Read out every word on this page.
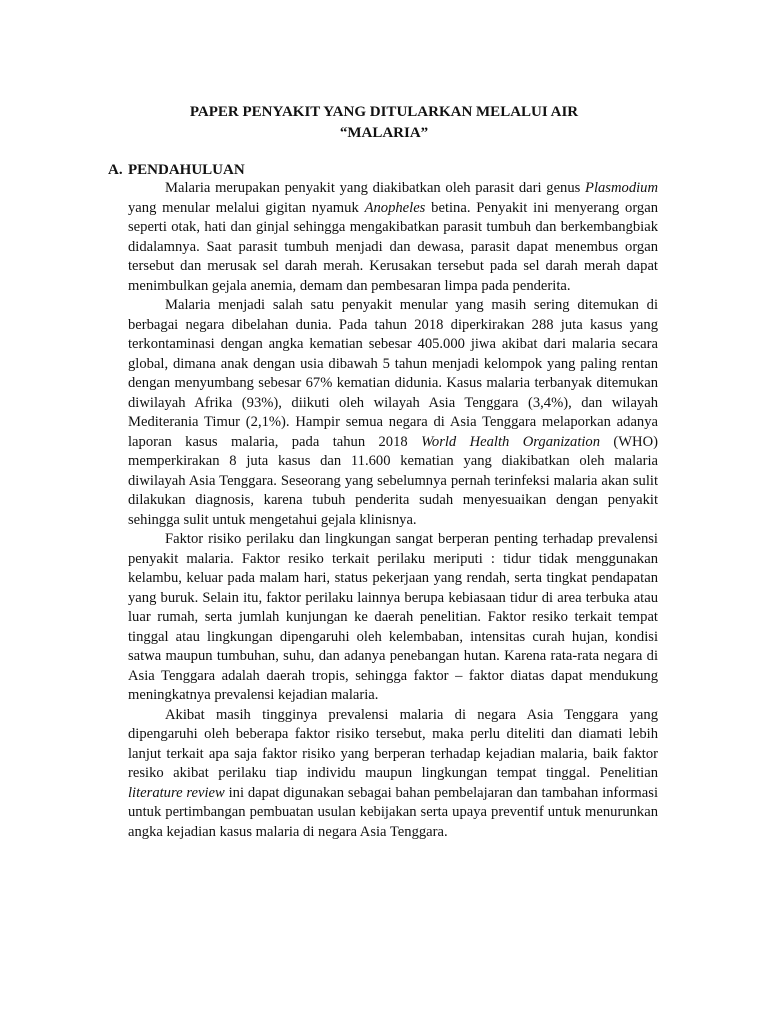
PAPER PENYAKIT YANG DITULARKAN MELALUI AIR
“MALARIA”
A. PENDAHULUAN

Malaria merupakan penyakit yang diakibatkan oleh parasit dari genus Plasmodium yang menular melalui gigitan nyamuk Anopheles betina. Penyakit ini menyerang organ seperti otak, hati dan ginjal sehingga mengakibatkan parasit tumbuh dan berkembangbiak didalamnya. Saat parasit tumbuh menjadi dan dewasa, parasit dapat menembus organ tersebut dan merusak sel darah merah. Kerusakan tersebut pada sel darah merah dapat menimbulkan gejala anemia, demam dan pembesaran limpa pada penderita.

Malaria menjadi salah satu penyakit menular yang masih sering ditemukan di berbagai negara dibelahan dunia. Pada tahun 2018 diperkirakan 288 juta kasus yang terkontaminasi dengan angka kematian sebesar 405.000 jiwa akibat dari malaria secara global, dimana anak dengan usia dibawah 5 tahun menjadi kelompok yang paling rentan dengan menyumbang sebesar 67% kematian didunia. Kasus malaria terbanyak ditemukan diwilayah Afrika (93%), diikuti oleh wilayah Asia Tenggara (3,4%), dan wilayah Mediterania Timur (2,1%). Hampir semua negara di Asia Tenggara melaporkan adanya laporan kasus malaria, pada tahun 2018 World Health Organization (WHO) memperkirakan 8 juta kasus dan 11.600 kematian yang diakibatkan oleh malaria diwilayah Asia Tenggara. Seseorang yang sebelumnya pernah terinfeksi malaria akan sulit dilakukan diagnosis, karena tubuh penderita sudah menyesuaikan dengan penyakit sehingga sulit untuk mengetahui gejala klinisnya.

Faktor risiko perilaku dan lingkungan sangat berperan penting terhadap prevalensi penyakit malaria. Faktor resiko terkait perilaku meriputi : tidur tidak menggunakan kelambu, keluar pada malam hari, status pekerjaan yang rendah, serta tingkat pendapatan yang buruk. Selain itu, faktor perilaku lainnya berupa kebiasaan tidur di area terbuka atau luar rumah, serta jumlah kunjungan ke daerah penelitian. Faktor resiko terkait tempat tinggal atau lingkungan dipengaruhi oleh kelembaban, intensitas curah hujan, kondisi satwa maupun tumbuhan, suhu, dan adanya penebangan hutan. Karena rata-rata negara di Asia Tenggara adalah daerah tropis, sehingga faktor – faktor diatas dapat mendukung meningkatnya prevalensi kejadian malaria.

Akibat masih tingginya prevalensi malaria di negara Asia Tenggara yang dipengaruhi oleh beberapa faktor risiko tersebut, maka perlu diteliti dan diamati lebih lanjut terkait apa saja faktor risiko yang berperan terhadap kejadian malaria, baik faktor resiko akibat perilaku tiap individu maupun lingkungan tempat tinggal. Penelitian literature review ini dapat digunakan sebagai bahan pembelajaran dan tambahan informasi untuk pertimbangan pembuatan usulan kebijakan serta upaya preventif untuk menurunkan angka kejadian kasus malaria di negara Asia Tenggara.
